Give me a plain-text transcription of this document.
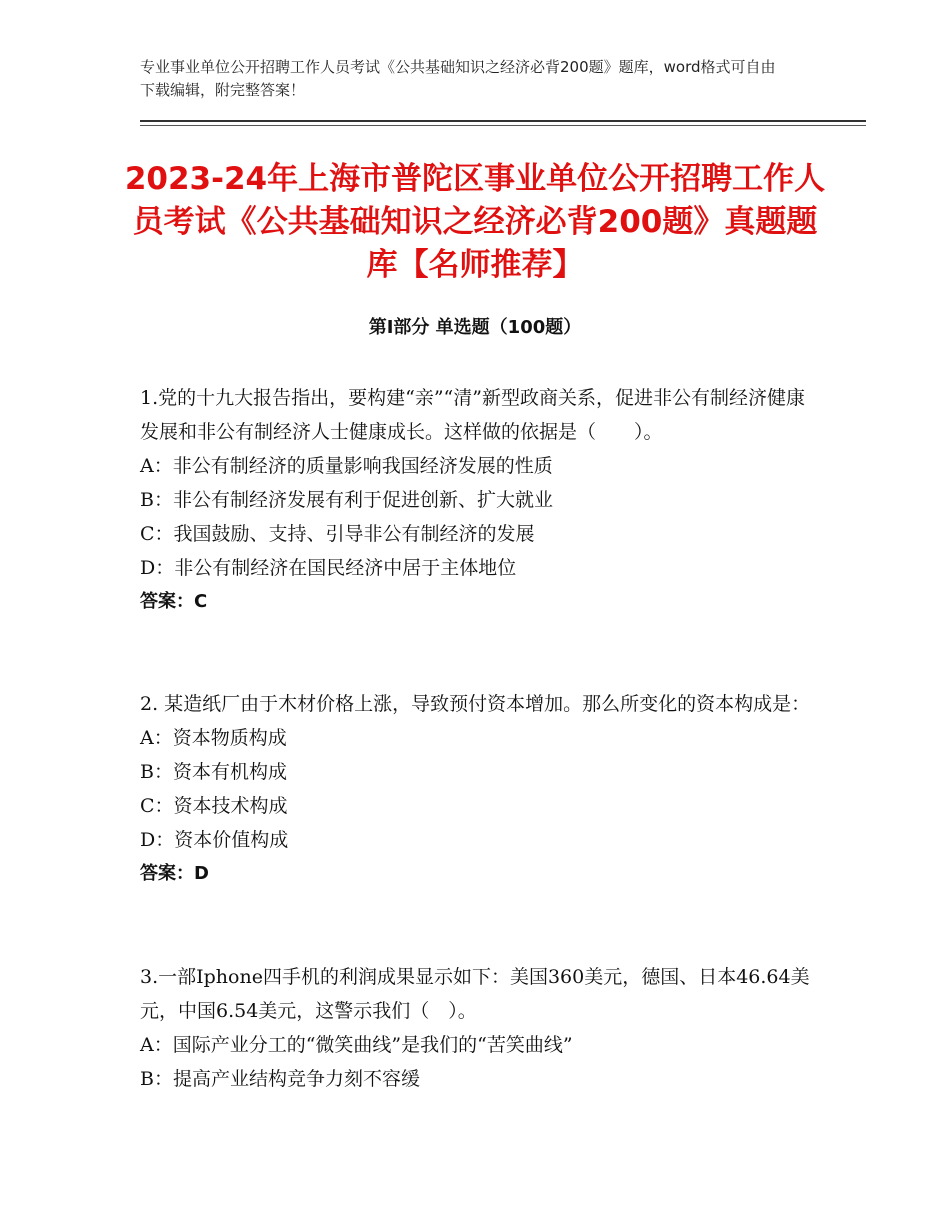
专业事业单位公开招聘工作人员考试《公共基础知识之经济必背200题》题库，word格式可自由下载编辑，附完整答案！
2023-24年上海市普陀区事业单位公开招聘工作人员考试《公共基础知识之经济必背200题》真题题库【名师推荐】
第Ⅰ部分 单选题（100题）
1.党的十九大报告指出，要构建“亲”“清”新型政商关系，促进非公有制经济健康发展和非公有制经济人士健康成长。这样做的依据是（　　）。
A：非公有制经济的质量影响我国经济发展的性质
B：非公有制经济发展有利于促进创新、扩大就业
C：我国鼓励、支持、引导非公有制经济的发展
D：非公有制经济在国民经济中居于主体地位
答案：C
2. 某造纸厂由于木材价格上涨，导致预付资本增加。那么所变化的资本构成是：
A：资本物质构成
B：资本有机构成
C：资本技术构成
D：资本价值构成
答案：D
3.一部Iphone四手机的利润成果显示如下：美国360美元，德国、日本46.64美元，中国6.54美元，这警示我们（　）。
A：国际产业分工的“微笑曲线”是我们的“苦笑曲线”
B：提高产业结构竞争力刻不容缓
